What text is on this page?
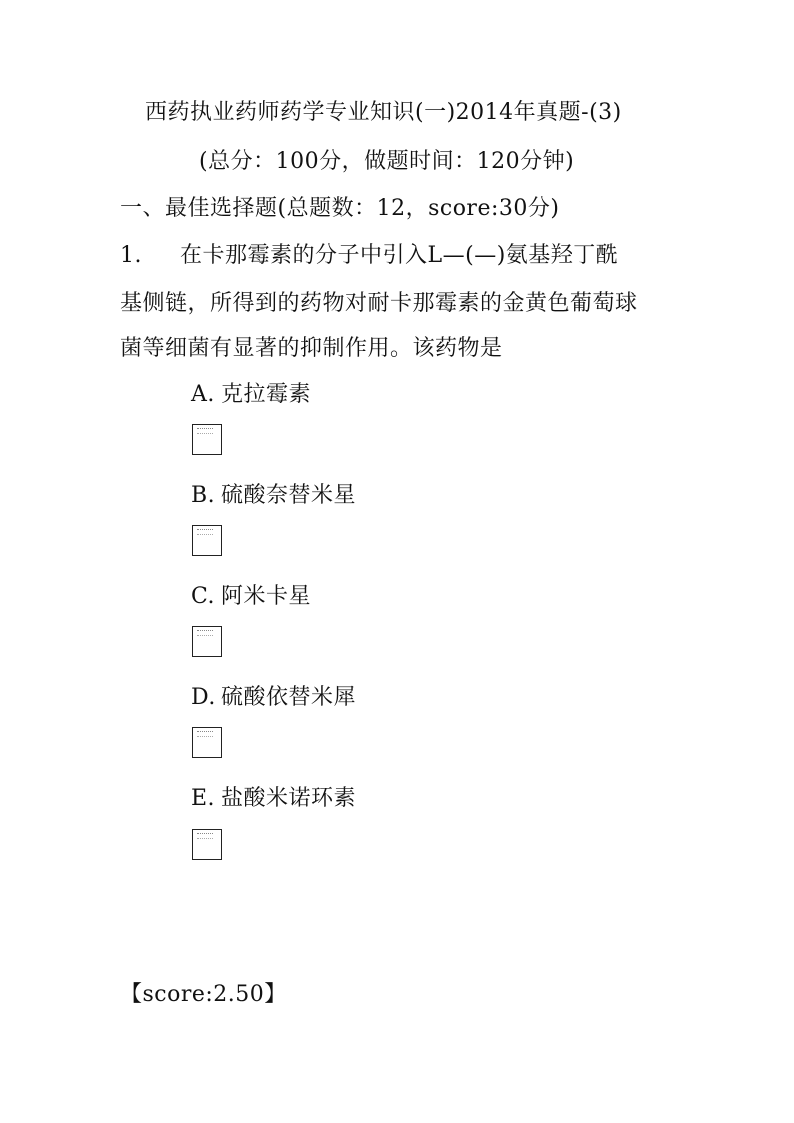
西药执业药师药学专业知识(一)2014年真题-(3)
(总分：100分，做题时间：120分钟)
一、最佳选择题(总题数：12，score:30分)
1. 在卡那霉素的分子中引入L—(—)氨基羟丁酰
基侧链，所得到的药物对耐卡那霉素的金黄色葡萄球
菌等细菌有显著的抑制作用。该药物是
A. 克拉霉素
B. 硫酸奈替米星
C. 阿米卡星
D. 硫酸依替米犀
E. 盐酸米诺环素
【score:2.50】
